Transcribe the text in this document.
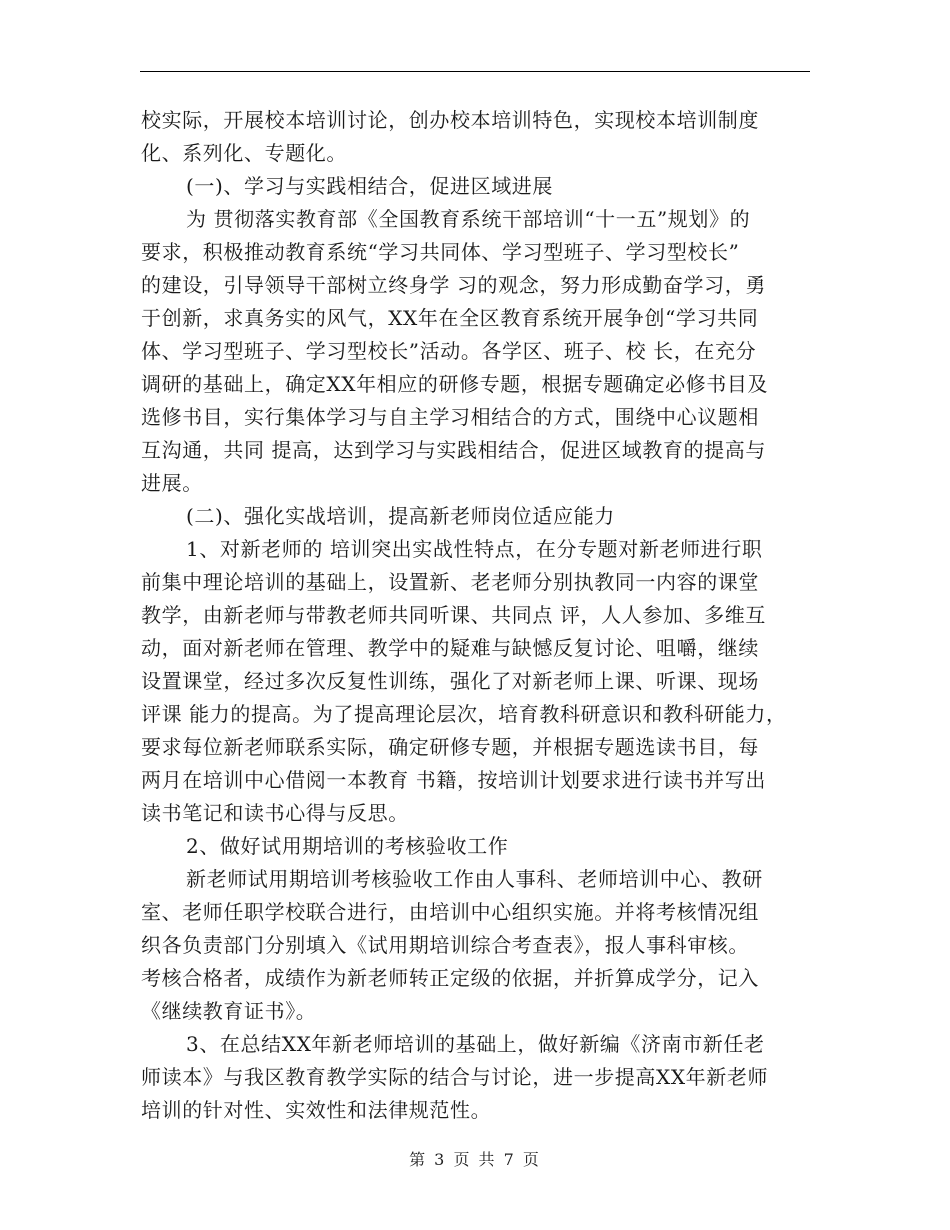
校实际，开展校本培训讨论，创办校本培训特色，实现校本培训制度
化、系列化、专题化。
(一)、学习与实践相结合，促进区域进展
为 贯彻落实教育部《全国教育系统干部培训“十一五”规划》的
要求，积极推动教育系统“学习共同体、学习型班子、学习型校长”
的建设，引导领导干部树立终身学 习的观念，努力形成勤奋学习，勇
于创新，求真务实的风气，XX年在全区教育系统开展争创“学习共同
体、学习型班子、学习型校长”活动。各学区、班子、校 长，在充分
调研的基础上，确定XX年相应的研修专题，根据专题确定必修书目及
选修书目，实行集体学习与自主学习相结合的方式，围绕中心议题相
互沟通，共同 提高，达到学习与实践相结合，促进区域教育的提高与
进展。
(二)、强化实战培训，提高新老师岗位适应能力
1、对新老师的 培训突出实战性特点，在分专题对新老师进行职
前集中理论培训的基础上，设置新、老老师分别执教同一内容的课堂
教学，由新老师与带教老师共同听课、共同点 评，人人参加、多维互
动，面对新老师在管理、教学中的疑难与缺憾反复讨论、咀嚼，继续
设置课堂，经过多次反复性训练，强化了对新老师上课、听课、现场
评课 能力的提高。为了提高理论层次，培育教科研意识和教科研能力，
要求每位新老师联系实际，确定研修专题，并根据专题选读书目，每
两月在培训中心借阅一本教育 书籍，按培训计划要求进行读书并写出
读书笔记和读书心得与反思。
2、做好试用期培训的考核验收工作
新老师试用期培训考核验收工作由人事科、老师培训中心、教研
室、老师任职学校联合进行，由培训中心组织实施。并将考核情况组
织各负责部门分别填入《试用期培训综合考查表》，报人事科审核。
考核合格者，成绩作为新老师转正定级的依据，并折算成学分，记入
《继续教育证书》。
3、在总结XX年新老师培训的基础上，做好新编《济南市新任老
师读本》与我区教育教学实际的结合与讨论，进一步提高XX年新老师
培训的针对性、实效性和法律规范性。
第 3 页 共 7 页
